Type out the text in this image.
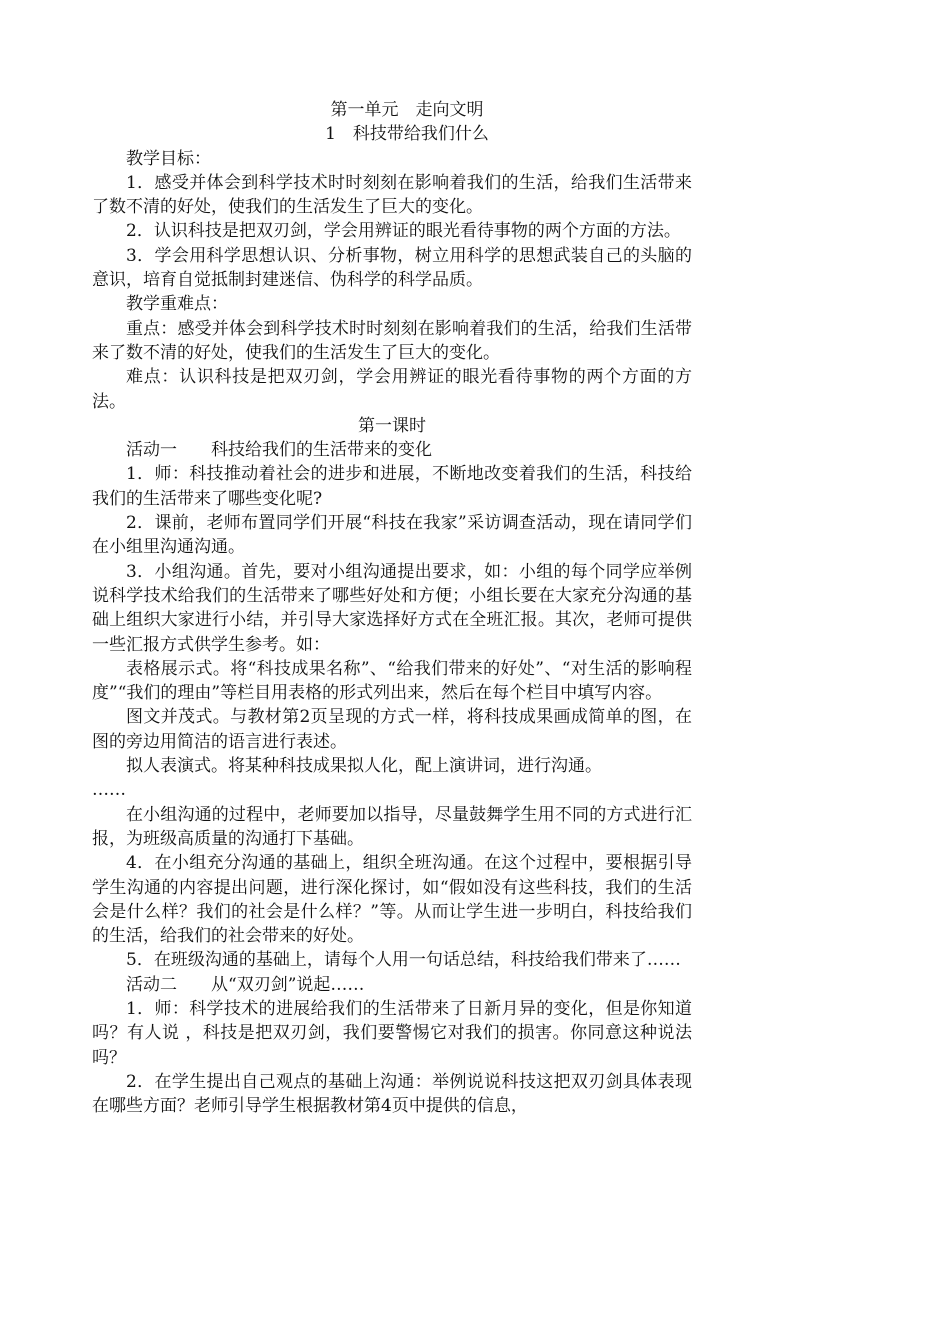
第一单元　走向文明
1　科技带给我们什么

教学目标：

1．感受并体会到科学技术时时刻刻在影响着我们的生活，给我们生活带来了数不清的好处，使我们的生活发生了巨大的变化。

2．认识科技是把双刃剑，学会用辨证的眼光看待事物的两个方面的方法。

3．学会用科学思想认识、分析事物，树立用科学的思想武装自己的头脑的意识，培育自觉抵制封建迷信、伪科学的科学品质。

教学重难点：

重点：感受并体会到科学技术时时刻刻在影响着我们的生活，给我们生活带来了数不清的好处，使我们的生活发生了巨大的变化。

难点：认识科技是把双刃剑，学会用辨证的眼光看待事物的两个方面的方法。

第一课时

活动一　　科技给我们的生活带来的变化

1．师：科技推动着社会的进步和进展，不断地改变着我们的生活，科技给我们的生活带来了哪些变化呢?

2．课前，老师布置同学们开展“科技在我家”采访调查活动，现在请同学们在小组里沟通沟通。

3．小组沟通。首先，要对小组沟通提出要求，如：小组的每个同学应举例说科学技术给我们的生活带来了哪些好处和方便；小组长要在大家充分沟通的基础上组织大家进行小结，并引导大家选择好方式在全班汇报。其次，老师可提供一些汇报方式供学生参考。如：

表格展示式。将“科技成果名称”、“给我们带来的好处”、“对生活的影响程度”“我们的理由”等栏目用表格的形式列出来，然后在每个栏目中填写内容。

图文并茂式。与教材第2页呈现的方式一样，将科技成果画成简单的图，在图的旁边用简洁的语言进行表述。

拟人表演式。将某种科技成果拟人化，配上演讲词，进行沟通。

……

在小组沟通的过程中，老师要加以指导，尽量鼓舞学生用不同的方式进行汇报，为班级高质量的沟通打下基础。

4．在小组充分沟通的基础上，组织全班沟通。在这个过程中，要根据引导学生沟通的内容提出问题，进行深化探讨，如“假如没有这些科技，我们的生活会是什么样？我们的社会是什么样？”等。从而让学生进一步明白，科技给我们的生活，给我们的社会带来的好处。

5．在班级沟通的基础上，请每个人用一句话总结，科技给我们带来了……

活动二　　从“双刃剑”说起……

1．师：科学技术的进展给我们的生活带来了日新月异的变化，但是你知道吗？有人说 ，科技是把双刃剑，我们要警惕它对我们的损害。你同意这种说法吗？

2．在学生提出自己观点的基础上沟通：举例说说科技这把双刃剑具体表现在哪些方面？老师引导学生根据教材第4页中提供的信息，
